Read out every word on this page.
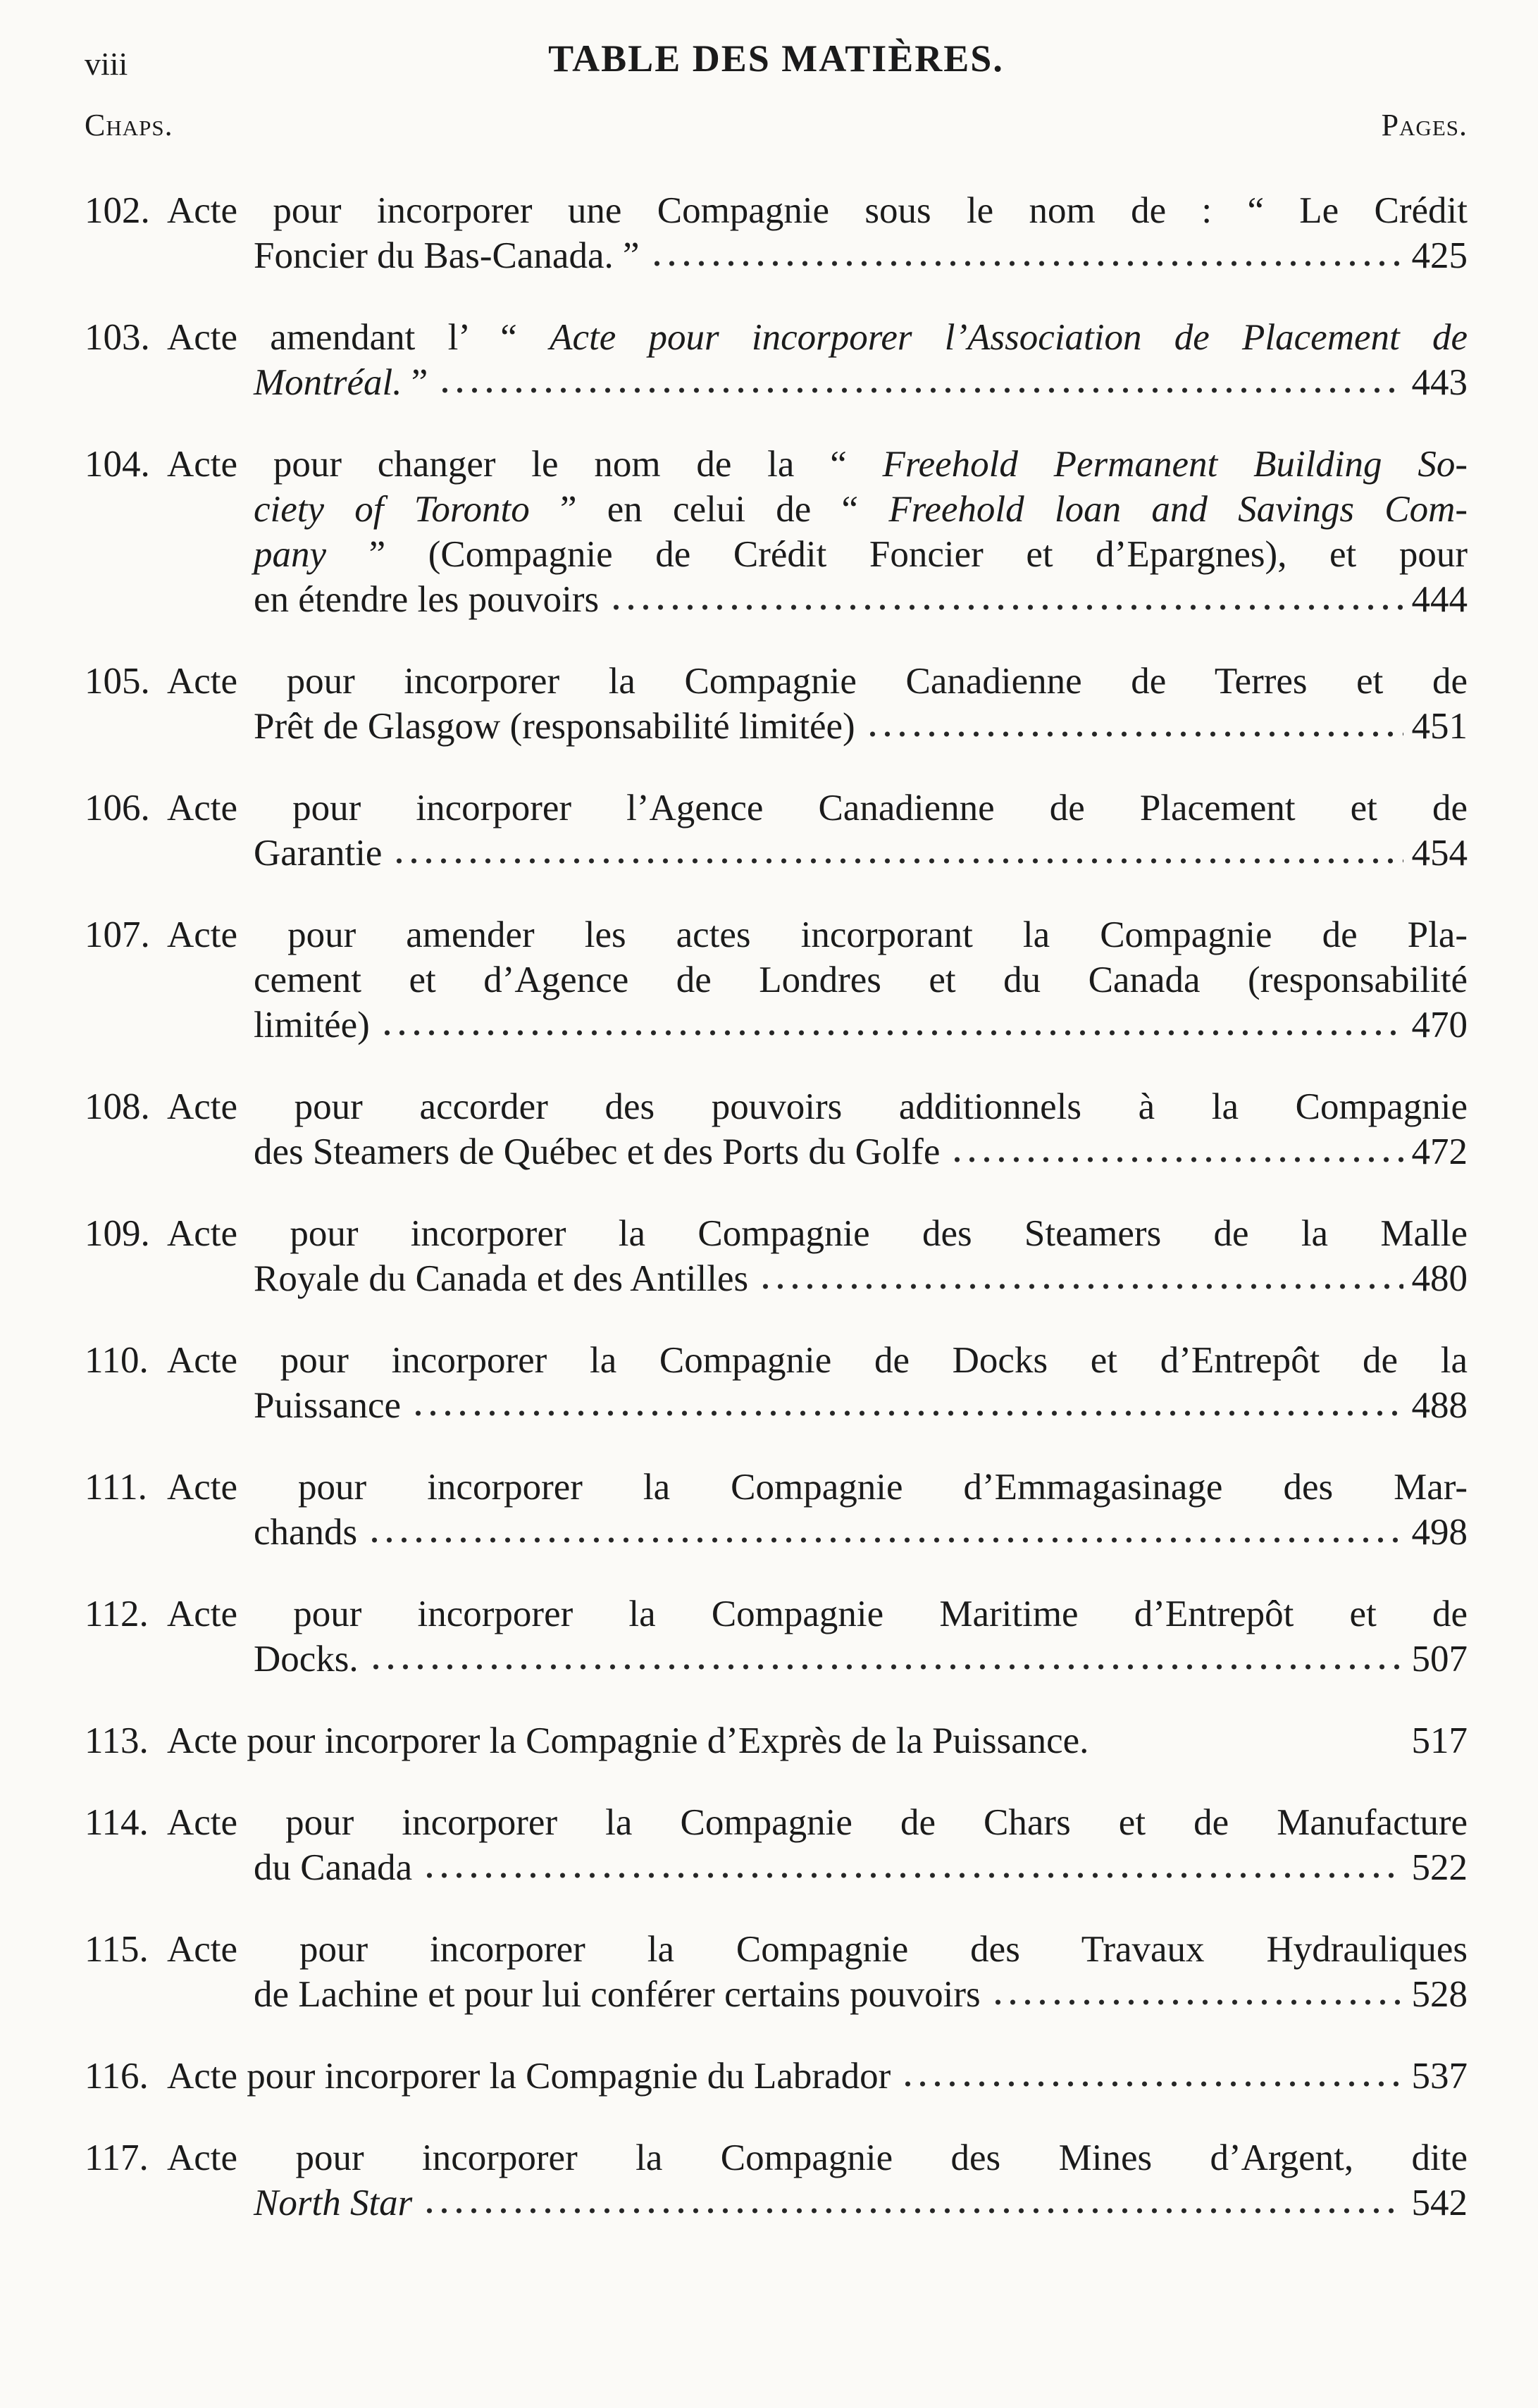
viii	TABLE DES MATIÈRES.
Chaps.	Pages.
102. Acte pour incorporer une Compagnie sous le nom de : “ Le Crédit
Foncier du Bas-Canada. ”	425
103. Acte amendant l’ “ Acte pour incorporer l’Association de Placement de
Montréal. ”	443
104. Acte pour changer le nom de la “ Freehold Permanent Building So-
ciety of Toronto ” en celui de “ Freehold loan and Savings Com-
pany ” (Compagnie de Crédit Foncier et d’Epargnes), et pour
en étendre les pouvoirs	444
105. Acte pour incorporer la Compagnie Canadienne de Terres et de
Prêt de Glasgow (responsabilité limitée)	451
106. Acte pour incorporer l’Agence Canadienne de Placement et de
Garantie	454
107. Acte pour amender les actes incorporant la Compagnie de Pla-
cement et d’Agence de Londres et du Canada (responsabilité
limitée)	470
108. Acte pour accorder des pouvoirs additionnels à la Compagnie
des Steamers de Québec et des Ports du Golfe	472
109. Acte pour incorporer la Compagnie des Steamers de la Malle
Royale du Canada et des Antilles	480
110. Acte pour incorporer la Compagnie de Docks et d’Entrepôt de la
Puissance	488
111. Acte pour incorporer la Compagnie d’Emmagasinage des Mar-
chands	498
112. Acte pour incorporer la Compagnie Maritime d’Entrepôt et de
Docks.	507
113. Acte pour incorporer la Compagnie d’Exprès de la Puissance.	517
114. Acte pour incorporer la Compagnie de Chars et de Manufacture
du Canada	522
115. Acte pour incorporer la Compagnie des Travaux Hydrauliques
de Lachine et pour lui conférer certains pouvoirs	528
116. Acte pour incorporer la Compagnie du Labrador	537
117. Acte pour incorporer la Compagnie des Mines d’Argent, dite
North Star	542
